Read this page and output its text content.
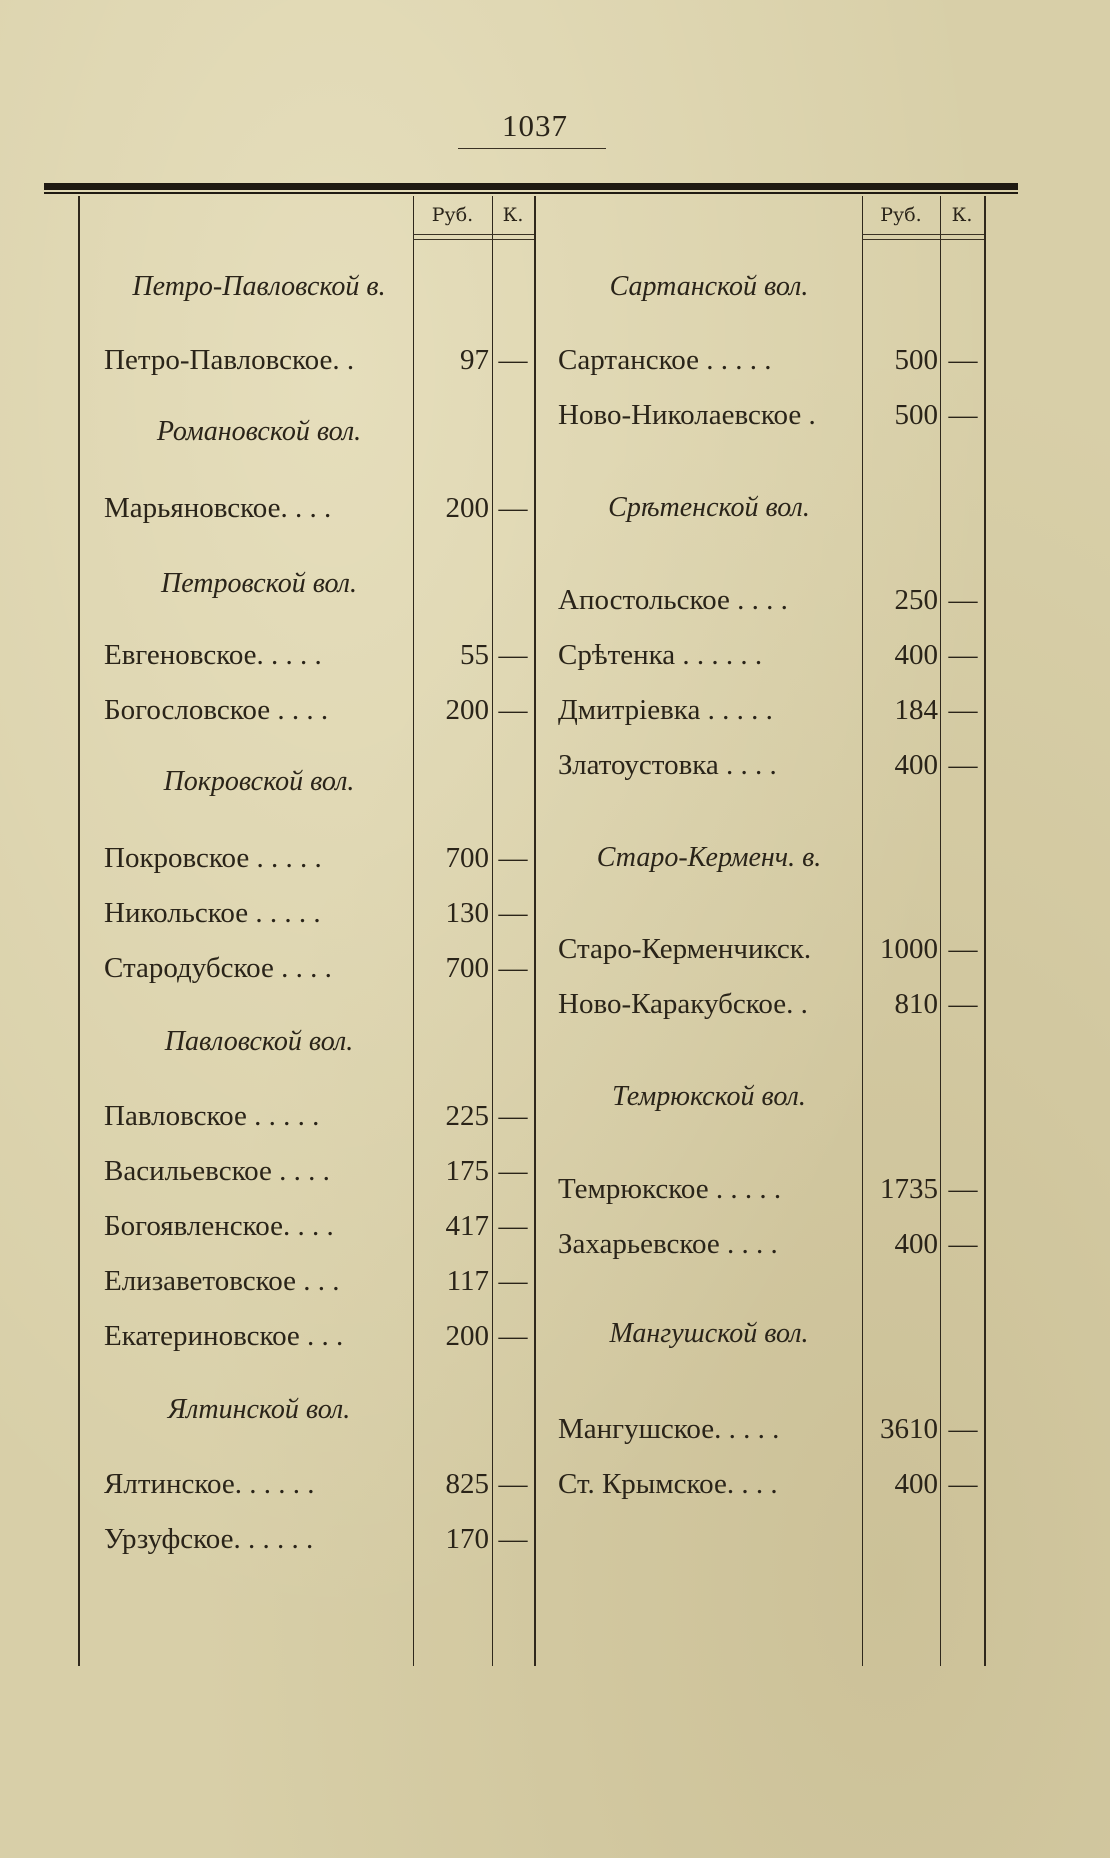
1037
Руб.	К.	Руб.	К.
Петро-Павловской в.
Романовской вол.
Петровской вол.
Покровской вол.
Павловской вол.
Ялтинской вол.
Петро-Павловское. .	97 —
Марьяновское. . . .	200 —
Евгеновское. . . . .	55 —
Богословское . . . .	200 —
Покровское . . . . .	700 —
Никольское . . . . .	130 —
Стародубское . . . .	700 —
Павловское . . . . .	225 —
Васильевское . . . .	175 —
Богоявленское. . . .	417 —
Елизаветовское . . .	117 —
Екатериновское . . .	200 —
Ялтинское. . . . . .	825 —
Урзуфское. . . . . .	170 —
Сартанской вол.
Срѣтенской вол.
Старо-Керменч. в.
Темрюкской вол.
Мангушской вол.
Сартанское . . . . .	500 —
Ново-Николаевское .	500 —
Апостольское . . . .	250 —
Срѣтенка . . . . . .	400 —
Дмитріевка . . . . .	184 —
Златоустовка . . . .	400 —
Старо-Керменчикск.	1000 —
Ново-Каракубское. .	810 —
Темрюкское . . . . .	1735 —
Захарьевское . . . .	400 —
Мангушское. . . . .	3610 —
Ст. Крымское. . . .	400 —
